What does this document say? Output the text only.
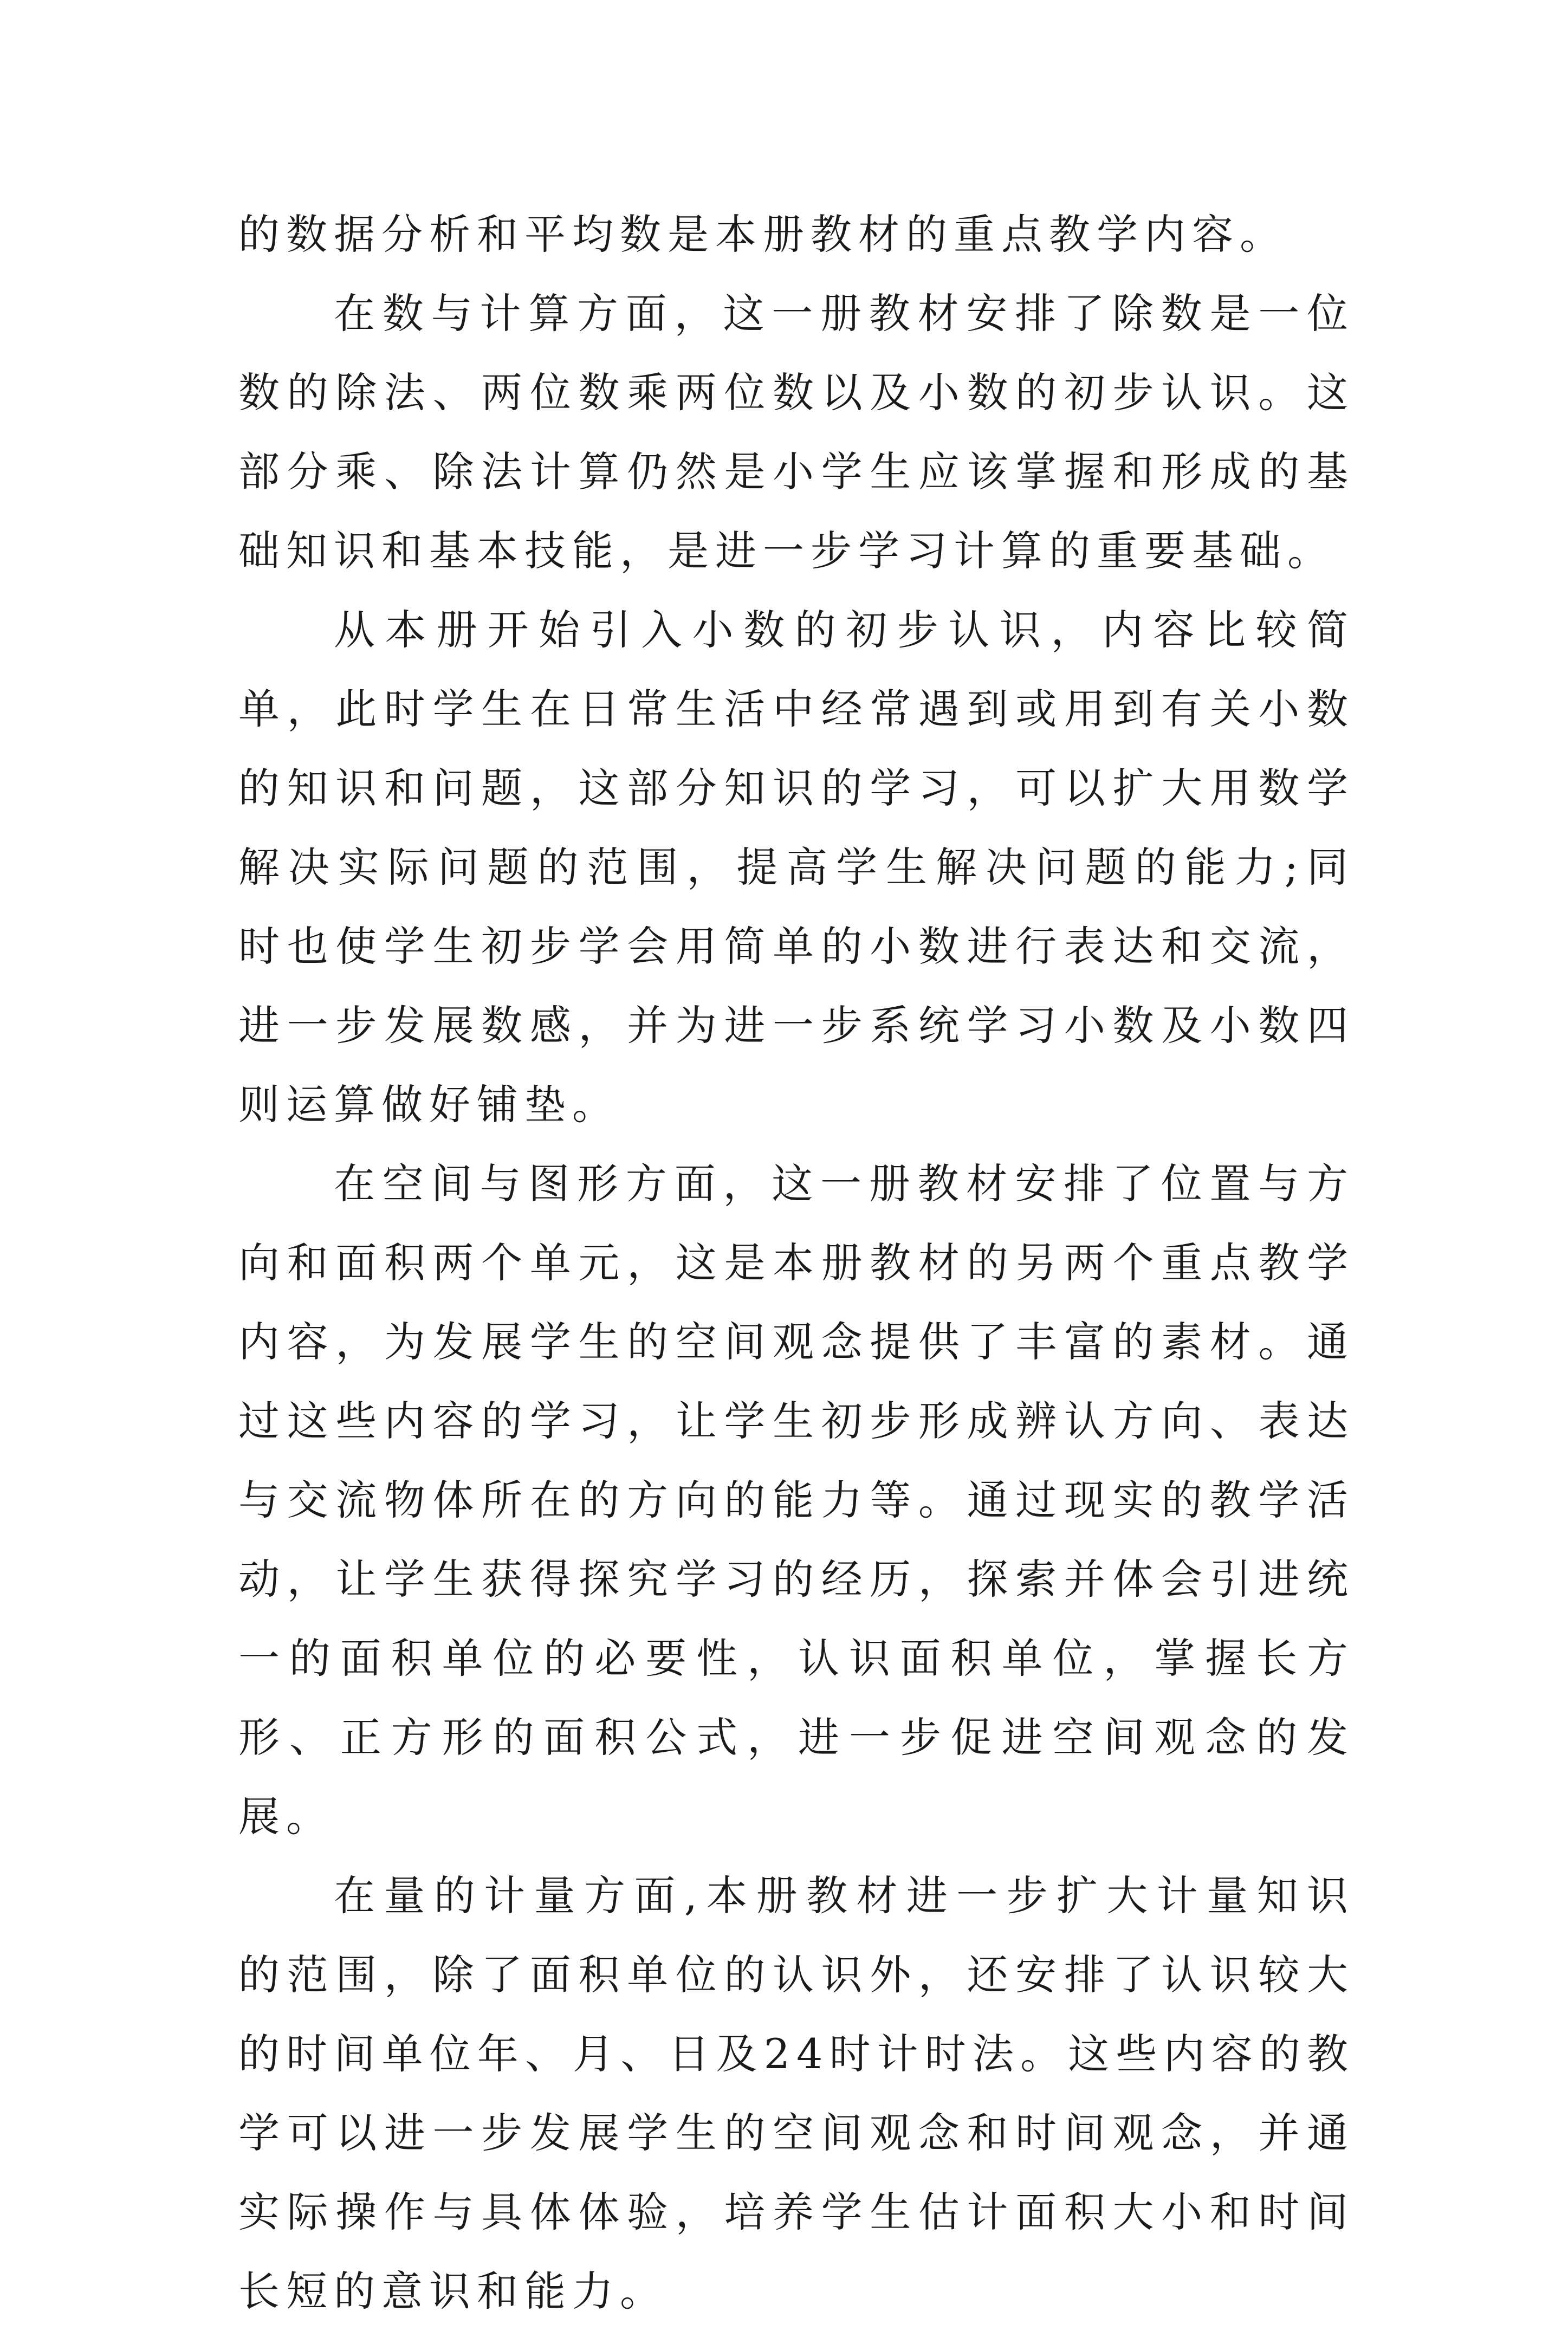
的数据分析和平均数是本册教材的重点教学内容。

在数与计算方面，这一册教材安排了除数是一位数的除法、两位数乘两位数以及小数的初步认识。这部分乘、除法计算仍然是小学生应该掌握和形成的基础知识和基本技能，是进一步学习计算的重要基础。

从本册开始引入小数的初步认识，内容比较简单，此时学生在日常生活中经常遇到或用到有关小数的知识和问题，这部分知识的学习，可以扩大用数学解决实际问题的范围，提高学生解决问题的能力;同时也使学生初步学会用简单的小数进行表达和交流，进一步发展数感，并为进一步系统学习小数及小数四则运算做好铺垫。

在空间与图形方面，这一册教材安排了位置与方向和面积两个单元，这是本册教材的另两个重点教学内容，为发展学生的空间观念提供了丰富的素材。通过这些内容的学习，让学生初步形成辨认方向、表达与交流物体所在的方向的能力等。通过现实的教学活动，让学生获得探究学习的经历，探索并体会引进统一的面积单位的必要性，认识面积单位，掌握长方形、正方形的面积公式，进一步促进空间观念的发展。

在量的计量方面,本册教材进一步扩大计量知识的范围，除了面积单位的认识外，还安排了认识较大的时间单位年、月、日及24时计时法。这些内容的教学可以进一步发展学生的空间观念和时间观念，并通实际操作与具体体验，培养学生估计面积大小和时间长短的意识和能力。
